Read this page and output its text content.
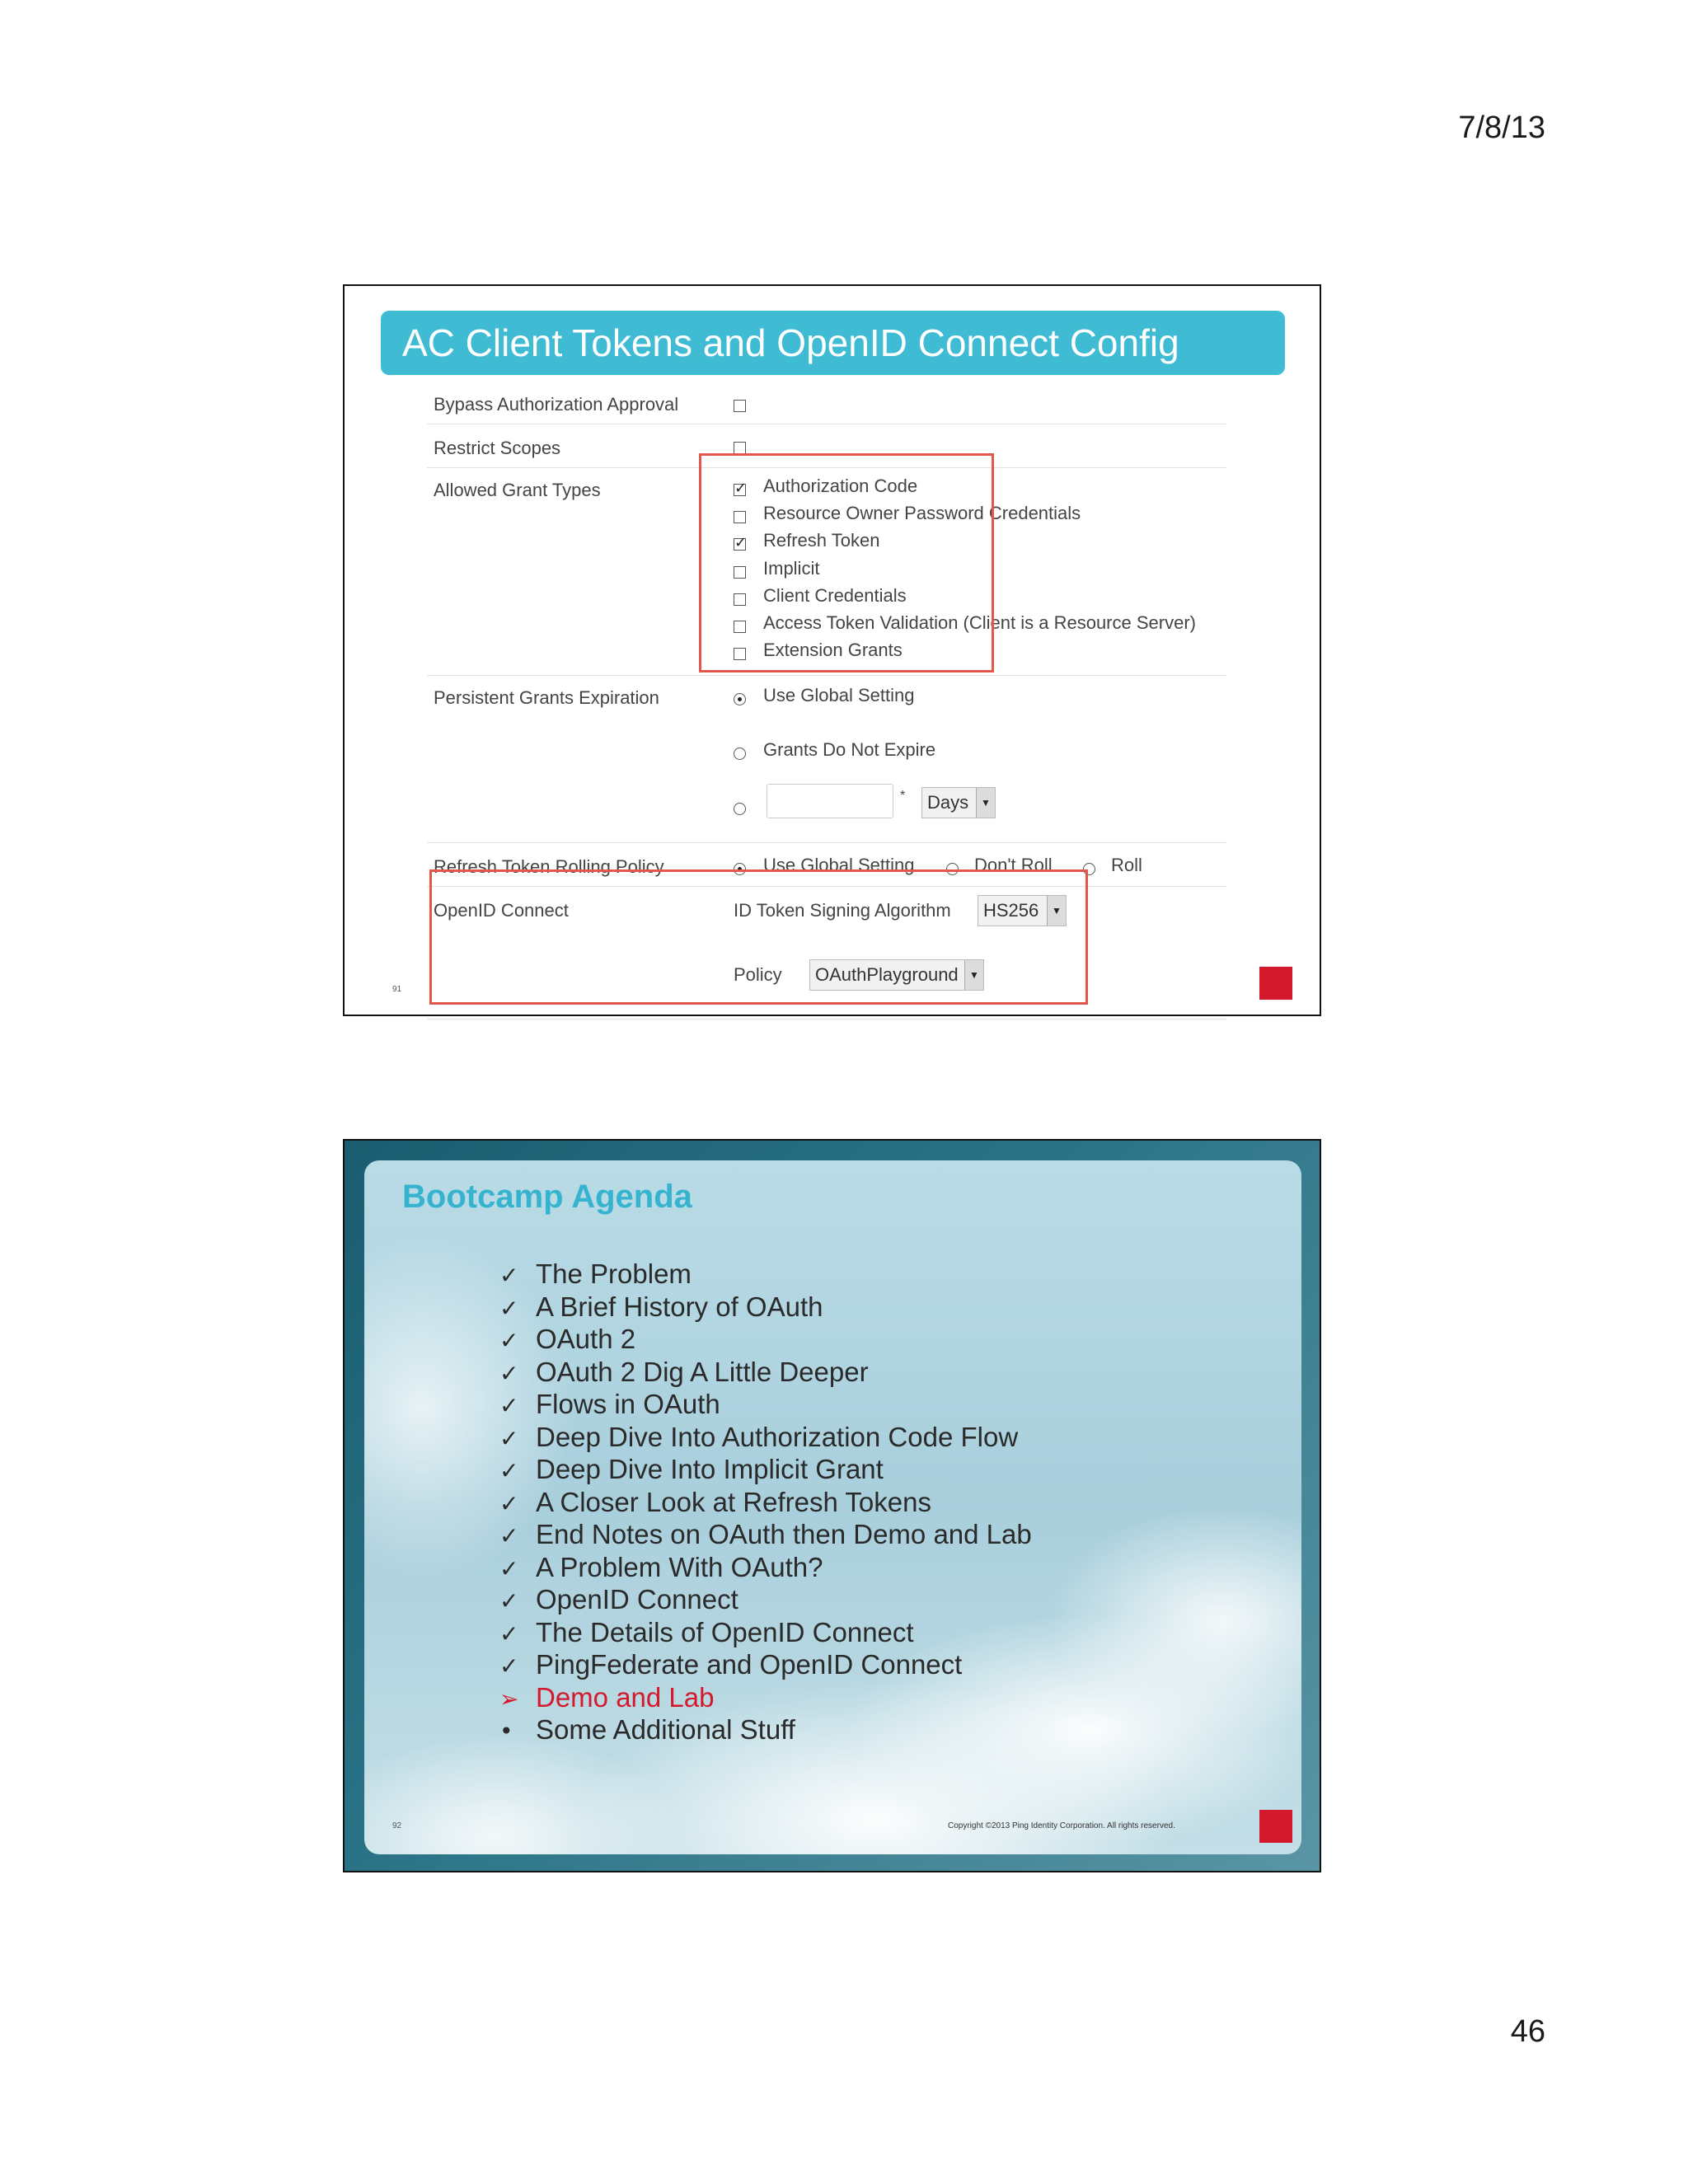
7/8/13
AC Client Tokens and OpenID Connect Config
Bypass Authorization Approval
Restrict Scopes
Allowed Grant Types
✓	Authorization Code
Resource Owner Password Credentials
✓
Refresh Token
Implicit
Client Credentials
Access Token Validation (Client is a Resource Server)
Extension Grants
Persistent Grants Expiration	Use Global Setting
Grants Do Not Expire
*	Days	▼
Refresh Token Rolling Policy	Use Global Setting	Don't Roll	Roll
OpenID Connect	ID Token Signing Algorithm	HS256	▼
Policy	OAuthPlayground	▼
91
Bootcamp Agenda
✓ The Problem
✓ A Brief History of OAuth
✓ OAuth 2
✓ OAuth 2 Dig A Little Deeper
✓ Flows in OAuth
✓ Deep Dive Into Authorization Code Flow
✓ Deep Dive Into Implicit Grant
✓ A Closer Look at Refresh Tokens
✓ End Notes on OAuth then Demo and Lab
✓ A Problem With OAuth?
✓ OpenID Connect
✓ The Details of OpenID Connect
✓ PingFederate and OpenID Connect
➢ Demo and Lab
• Some Additional Stuff
92	Copyright ©2013 Ping Identity Corporation. All rights reserved.
46
